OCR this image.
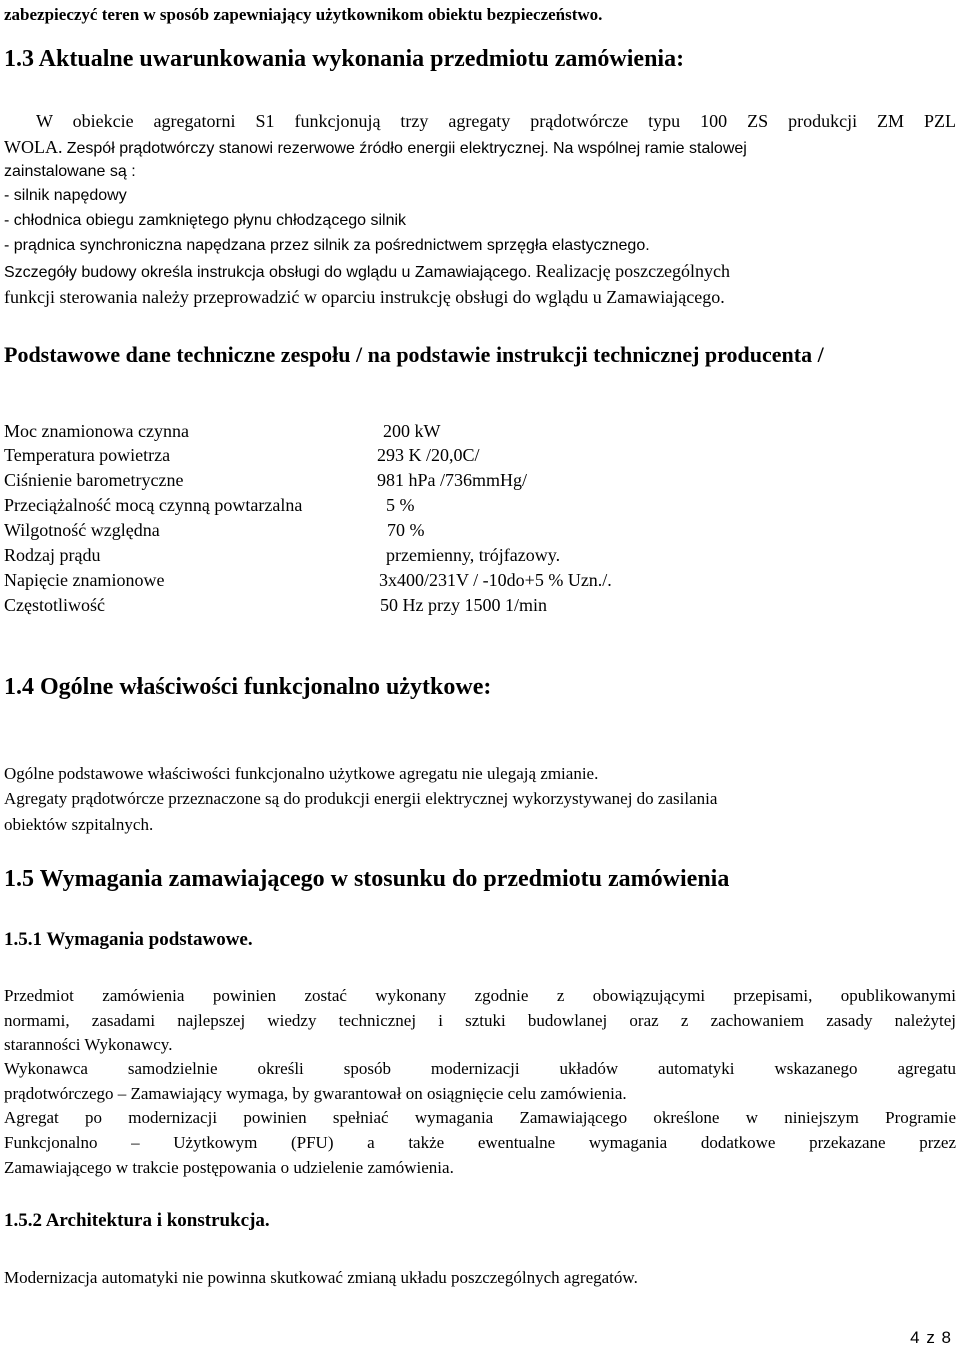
zabezpieczyć teren w sposób zapewniający użytkownikom obiektu bezpieczeństwo.
1.3 Aktualne uwarunkowania wykonania przedmiotu zamówienia:
W obiekcie agregatorni S1 funkcjonują trzy agregaty prądotwórcze typu 100 ZS produkcji ZM PZL
WOLA. Zespół prądotwórczy stanowi rezerwowe źródło energii elektrycznej. Na wspólnej ramie stalowej
zainstalowane są :
- silnik napędowy
- chłodnica obiegu zamkniętego płynu chłodzącego silnik
- prądnica synchroniczna napędzana przez silnik za pośrednictwem sprzęgła elastycznego.
Szczegóły budowy określa instrukcja obsługi do wglądu u Zamawiającego. Realizację poszczególnych
funkcji sterowania należy przeprowadzić w oparciu instrukcję obsługi do wglądu u Zamawiającego.
Podstawowe dane techniczne zespołu / na podstawie instrukcji technicznej producenta /
Moc znamionowa czynna	200 kW
Temperatura powietrza	293 K /20,0C/
Ciśnienie barometryczne	981 hPa /736mmHg/
Przeciążalność mocą czynną powtarzalna	5 %
Wilgotność względna	70 %
Rodzaj prądu	przemienny, trójfazowy.
Napięcie znamionowe	3x400/231V / -10do+5 % Uzn./.
Częstotliwość	50 Hz przy 1500 1/min
1.4 Ogólne właściwości funkcjonalno użytkowe:
Ogólne podstawowe właściwości funkcjonalno użytkowe agregatu nie ulegają zmianie.
Agregaty prądotwórcze przeznaczone są do produkcji energii elektrycznej wykorzystywanej do zasilania
obiektów szpitalnych.
1.5 Wymagania zamawiającego w stosunku do przedmiotu zamówienia
1.5.1 Wymagania podstawowe.
Przedmiot zamówienia powinien zostać wykonany zgodnie z obowiązującymi przepisami, opublikowanymi
normami, zasadami najlepszej wiedzy technicznej i sztuki budowlanej oraz z zachowaniem zasady należytej
staranności Wykonawcy.
Wykonawca samodzielnie określi sposób modernizacji układów automatyki wskazanego agregatu
prądotwórczego – Zamawiający wymaga, by gwarantował on osiągnięcie celu zamówienia.
Agregat po modernizacji powinien spełniać wymagania Zamawiającego określone w niniejszym Programie
Funkcjonalno – Użytkowym (PFU) a także ewentualne wymagania dodatkowe przekazane przez
Zamawiającego w trakcie postępowania o udzielenie zamówienia.
1.5.2 Architektura i konstrukcja.
Modernizacja automatyki nie powinna skutkować zmianą układu poszczególnych agregatów.
4 z 8
